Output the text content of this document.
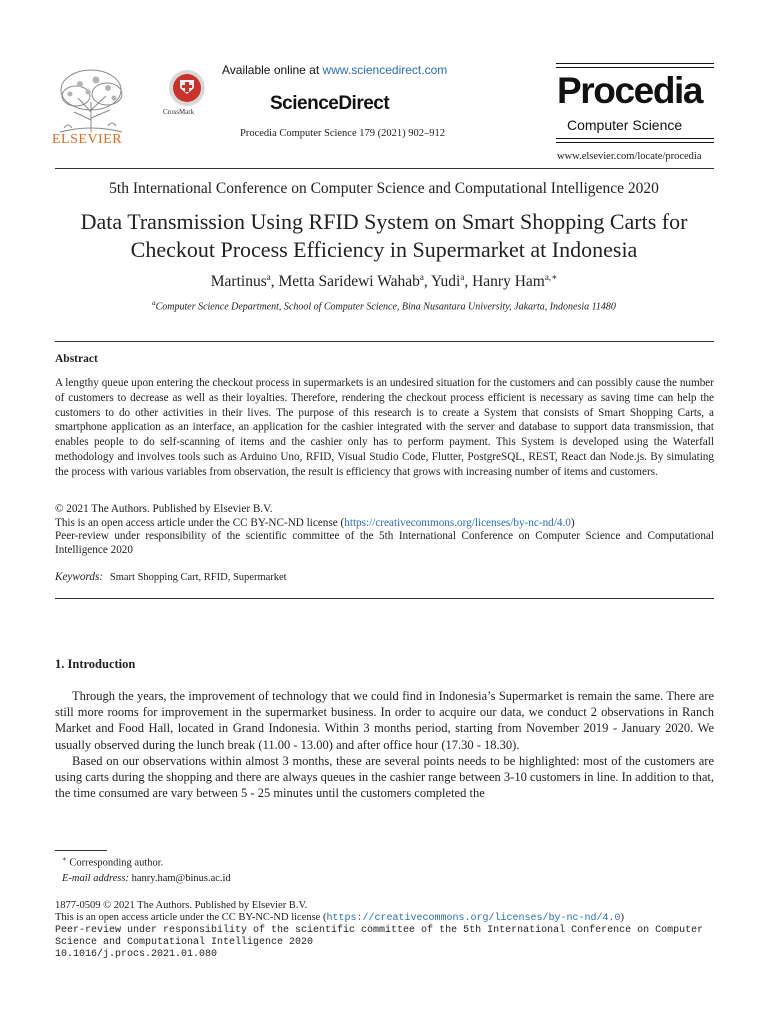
ELSEVIER
CrossMark
Available online at www.sciencedirect.com
ScienceDirect
Procedia Computer Science 179 (2021) 902–912
Procedia
Computer Science
www.elsevier.com/locate/procedia
5th International Conference on Computer Science and Computational Intelligence 2020
Data Transmission Using RFID System on Smart Shopping Carts for
Checkout Process Efficiency in Supermarket at Indonesia
Martinus$^a$, Metta Saridewi Wahab$^a$, Yudi$^a$, Hanry Ham$^{a,∗}$
$^a$Computer Science Department, School of Computer Science, Bina Nusantara University, Jakarta, Indonesia 11480
Abstract
A lengthy queue upon entering the checkout process in supermarkets is an undesired situation for the customers and can possibly cause the number of customers to decrease as well as their loyalties. Therefore, rendering the checkout process efficient is necessary as saving time can help the customers to do other activities in their lives. The purpose of this research is to create a System that consists of Smart Shopping Carts, a smartphone application as an interface, an application for the cashier integrated with the server and database to support data transmission, that enables people to do self-scanning of items and the cashier only has to perform payment. This System is developed using the Waterfall methodology and involves tools such as Arduino Uno, RFID, Visual Studio Code, Flutter, PostgreSQL, REST, React dan Node.js. By simulating the process with various variables from observation, the result is efficiency that grows with increasing number of items and customers.
© 2021 The Authors. Published by Elsevier B.V.
This is an open access article under the CC BY-NC-ND license (https://creativecommons.org/licenses/by-nc-nd/4.0)
Peer-review under responsibility of the scientific committee of the 5th International Conference on Computer Science and Computational Intelligence 2020
Keywords: Smart Shopping Cart, RFID, Supermarket
1. Introduction

Through the years, the improvement of technology that we could find in Indonesia’s Supermarket is remain the same. There are still more rooms for improvement in the supermarket business. In order to acquire our data, we conduct 2 observations in Ranch Market and Food Hall, located in Grand Indonesia. Within 3 months period, starting from November 2019 - January 2020. We usually observed during the lunch break (11.00 - 13.00) and after office hour (17.30 - 18.30).

Based on our observations within almost 3 months, these are several points needs to be highlighted: most of the customers are using carts during the shopping and there are always queues in the cashier range between 3-10 customers in line. In addition to that, the time consumed are vary between 5 - 25 minutes until the customers completed the

∗ Corresponding author.
E-mail address: hanry.ham@binus.ac.id
1877-0509 © 2021 The Authors. Published by Elsevier B.V.
This is an open access article under the CC BY-NC-ND license (https://creativecommons.org/licenses/by-nc-nd/4.0)
Peer-review under responsibility of the scientific committee of the 5th International Conference on Computer Science and Computational Intelligence 2020
10.1016/j.procs.2021.01.080
